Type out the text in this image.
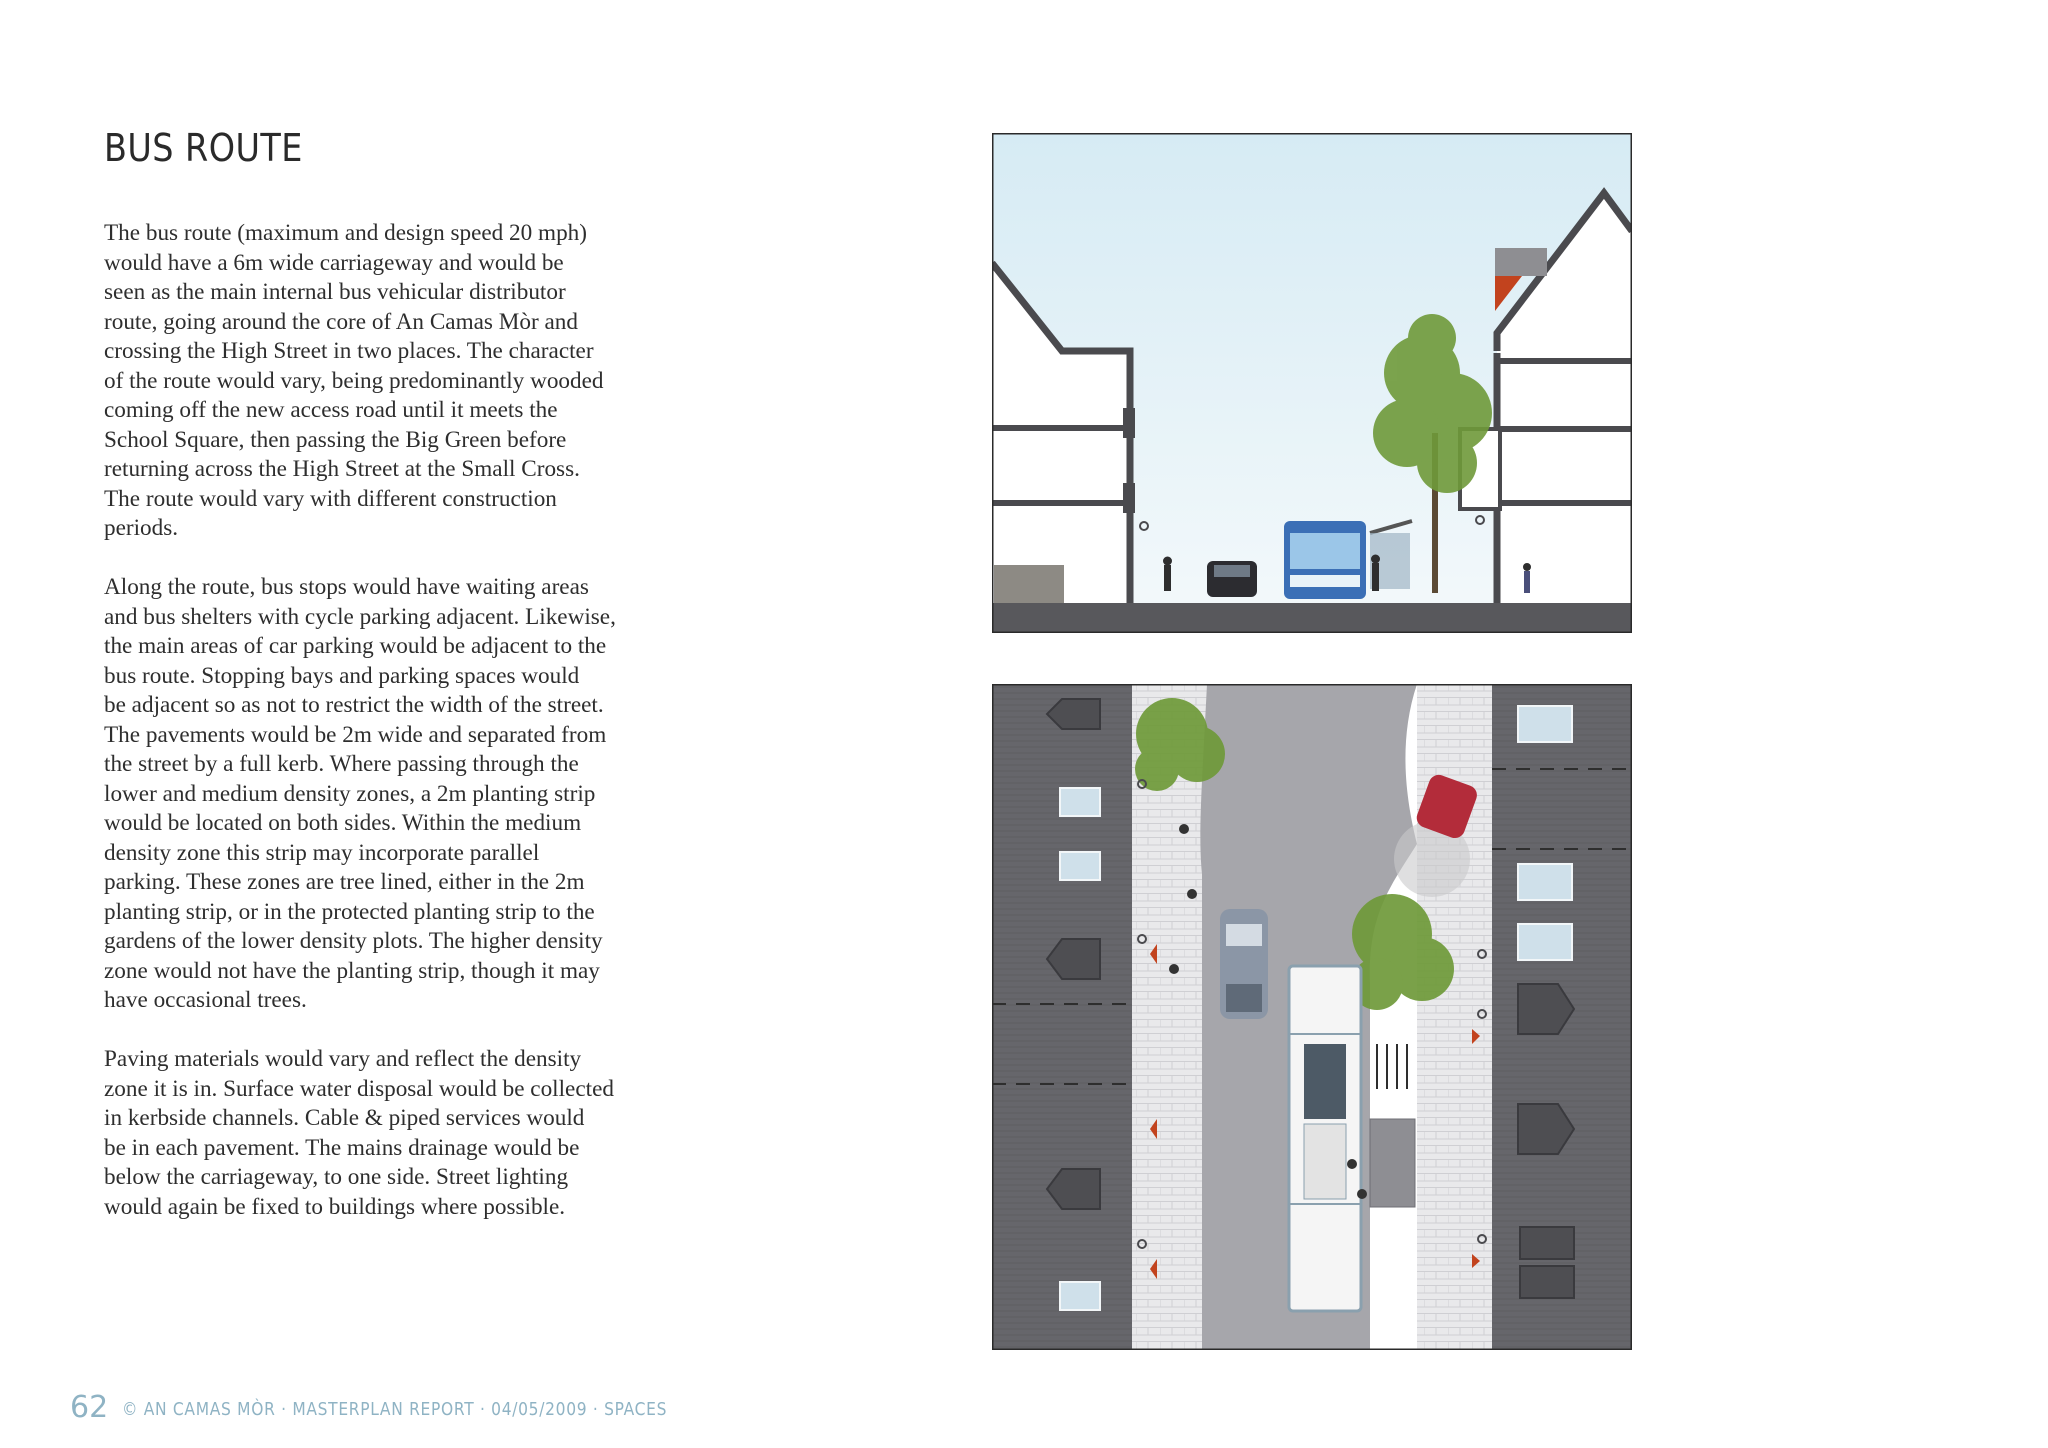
BUS ROUTE

The bus route (maximum and design speed 20 mph)
would have a 6m wide carriageway and would be
seen as the main internal bus vehicular distributor
route, going around the core of An Camas Mòr and
crossing the High Street in two places. The character
of the route would vary, being predominantly wooded
coming off the new access road until it meets the
School Square, then passing the Big Green before
returning across the High Street at the Small Cross.
The route would vary with different construction
periods.

Along the route, bus stops would have waiting areas
and bus shelters with cycle parking adjacent. Likewise,
the main areas of car parking would be adjacent to the
bus route. Stopping bays and parking spaces would
be adjacent so as not to restrict the width of the street.
The pavements would be 2m wide and separated from
the street by a full kerb. Where passing through the
lower and medium density zones, a 2m planting strip
would be located on both sides. Within the medium
density zone this strip may incorporate parallel
parking. These zones are tree lined, either in the 2m
planting strip, or in the protected planting strip to the
gardens of the lower density plots. The higher density
zone would not have the planting strip, though it may
have occasional trees.

Paving materials would vary and reflect the density
zone it is in. Surface water disposal would be collected
in kerbside channels. Cable & piped services would
be in each pavement. The mains drainage would be
below the carriageway, to one side. Street lighting
would again be fixed to buildings where possible.

62 © AN CAMAS MÒR · MASTERPLAN REPORT · 04/05/2009 · SPACES
